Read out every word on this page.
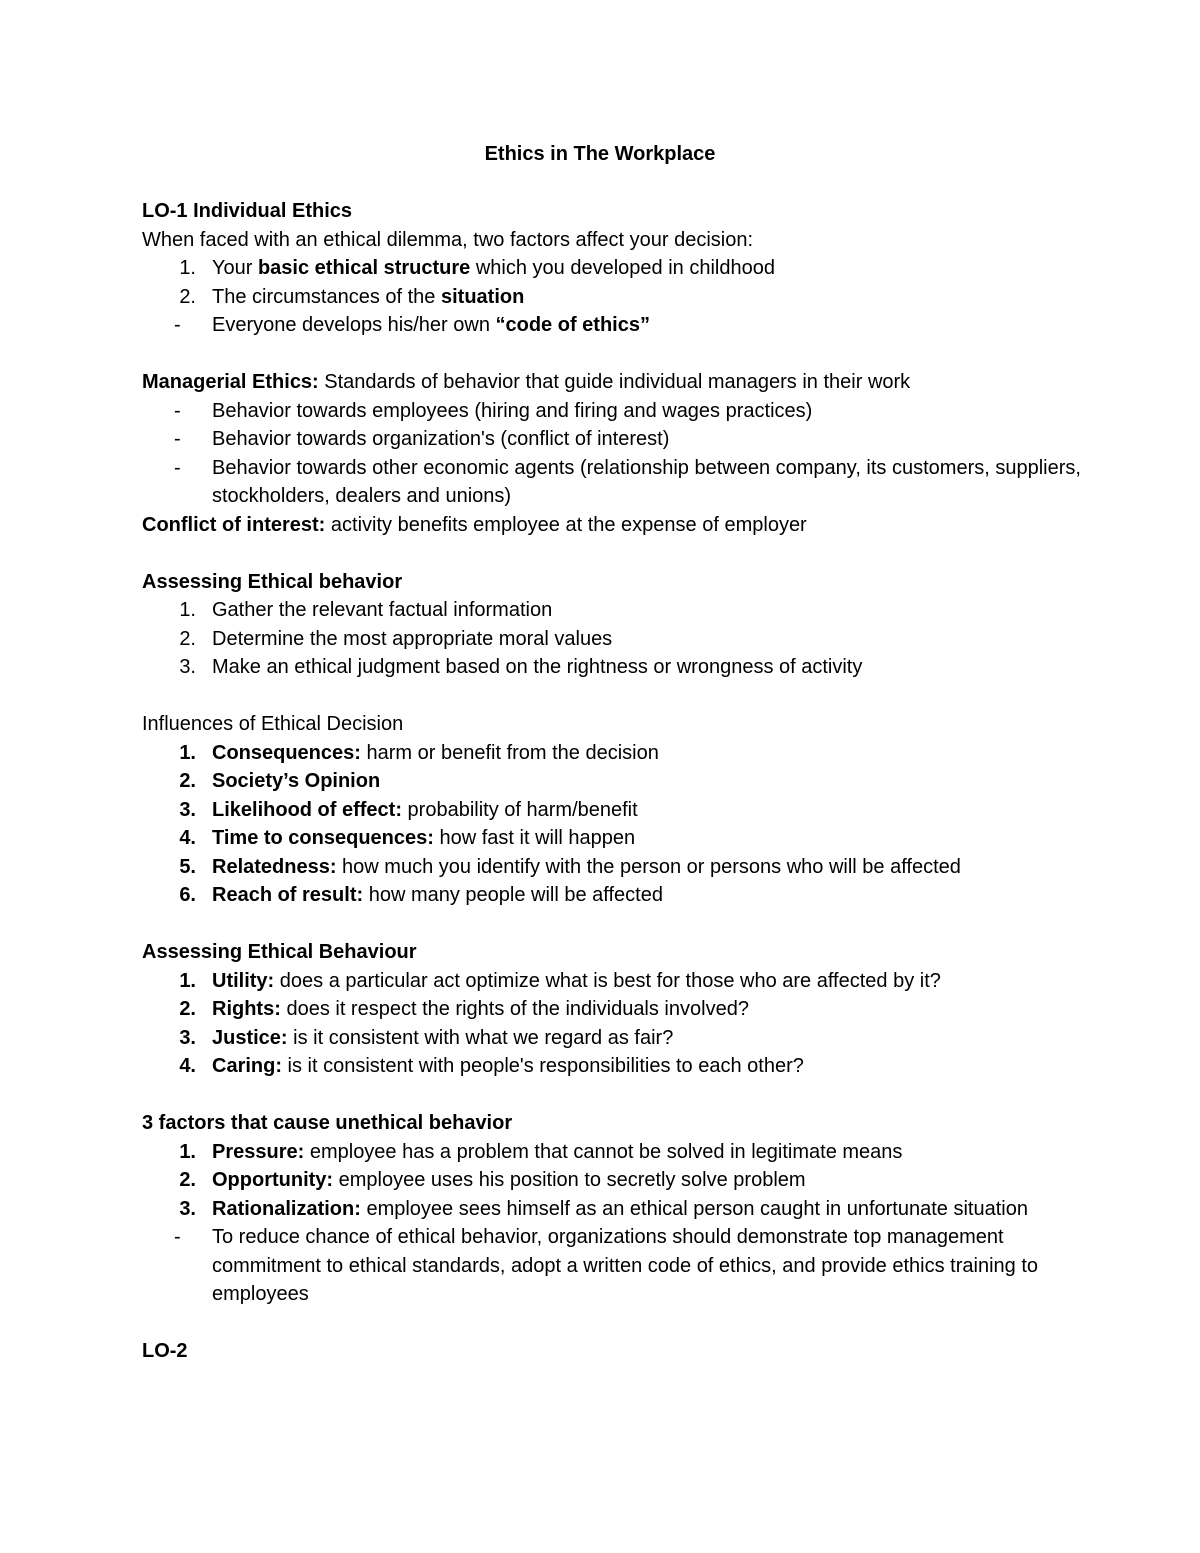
Ethics in The Workplace
LO-1 Individual Ethics
When faced with an ethical dilemma, two factors affect your decision:
1. Your basic ethical structure which you developed in childhood
2. The circumstances of the situation
-	Everyone develops his/her own “code of ethics”
Managerial Ethics: Standards of behavior that guide individual managers in their work
-	Behavior towards employees (hiring and firing and wages practices)
-	Behavior towards organization's (conflict of interest)
-	Behavior towards other economic agents (relationship between company, its customers, suppliers, stockholders, dealers and unions)
Conflict of interest: activity benefits employee at the expense of employer
Assessing Ethical behavior
1. Gather the relevant factual information
2. Determine the most appropriate moral values
3. Make an ethical judgment based on the rightness or wrongness of activity
Influences of Ethical Decision
1. Consequences: harm or benefit from the decision
2. Society’s Opinion
3. Likelihood of effect: probability of harm/benefit
4. Time to consequences: how fast it will happen
5. Relatedness: how much you identify with the person or persons who will be affected
6. Reach of result: how many people will be affected
Assessing Ethical Behaviour
1. Utility: does a particular act optimize what is best for those who are affected by it?
2. Rights: does it respect the rights of the individuals involved?
3. Justice: is it consistent with what we regard as fair?
4. Caring: is it consistent with people's responsibilities to each other?
3 factors that cause unethical behavior
1. Pressure: employee has a problem that cannot be solved in legitimate means
2. Opportunity: employee uses his position to secretly solve problem
3. Rationalization: employee sees himself as an ethical person caught in unfortunate situation
-	To reduce chance of ethical behavior, organizations should demonstrate top management commitment to ethical standards, adopt a written code of ethics, and provide ethics training to employees
LO-2
